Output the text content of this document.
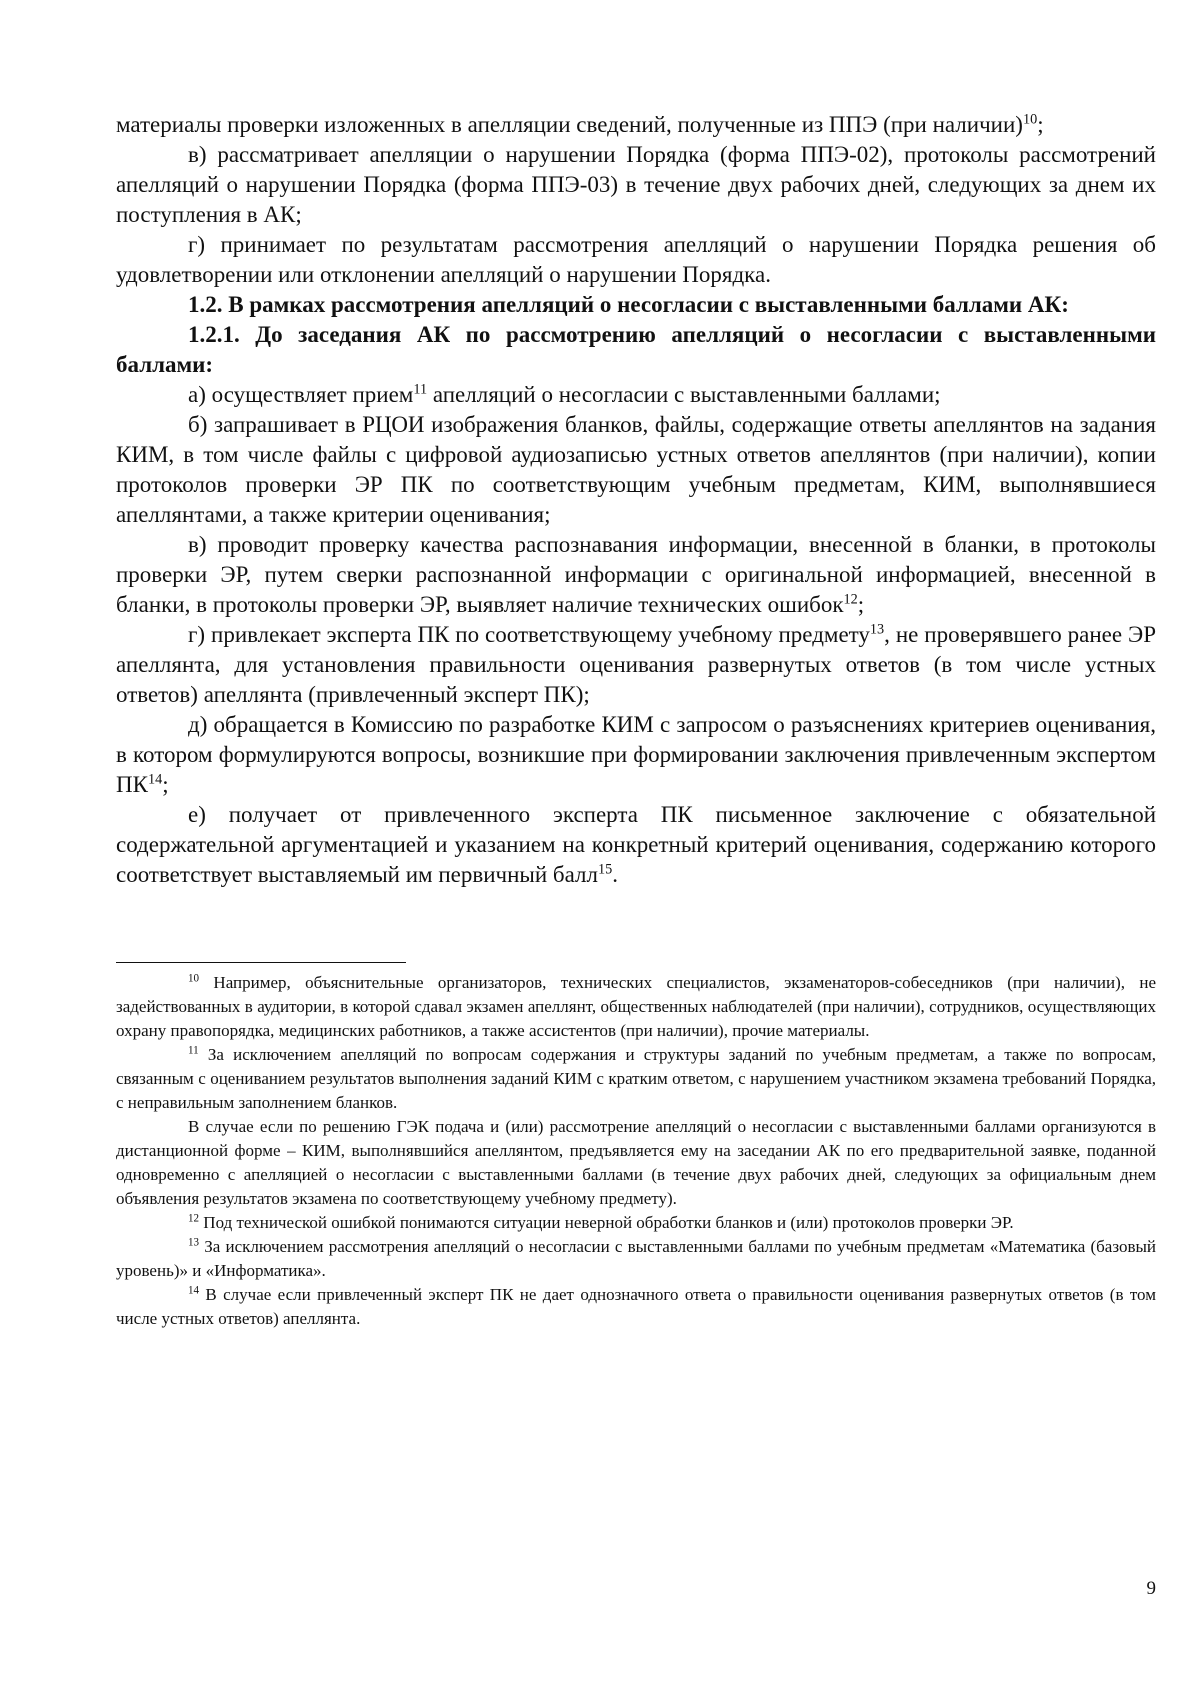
материалы проверки изложенных в апелляции сведений, полученные из ППЭ (при наличии)$^{10}$;

в) рассматривает апелляции о нарушении Порядка (форма ППЭ-02), протоколы рассмотрений апелляций о нарушении Порядка (форма ППЭ-03) в течение двух рабочих дней, следующих за днем их поступления в АК;

г) принимает по результатам рассмотрения апелляций о нарушении Порядка решения об удовлетворении или отклонении апелляций о нарушении Порядка.

1.2. В рамках рассмотрения апелляций о несогласии с выставленными баллами АК:

1.2.1. До заседания АК по рассмотрению апелляций о несогласии с выставленными баллами:

а) осуществляет прием$^{11}$ апелляций о несогласии с выставленными баллами;

б) запрашивает в РЦОИ изображения бланков, файлы, содержащие ответы апеллянтов на задания КИМ, в том числе файлы с цифровой аудиозаписью устных ответов апеллянтов (при наличии), копии протоколов проверки ЭР ПК по соответствующим учебным предметам, КИМ, выполнявшиеся апеллянтами, а также критерии оценивания;

в) проводит проверку качества распознавания информации, внесенной в бланки, в протоколы проверки ЭР, путем сверки распознанной информации с оригинальной информацией, внесенной в бланки, в протоколы проверки ЭР, выявляет наличие технических ошибок$^{12}$;

г) привлекает эксперта ПК по соответствующему учебному предмету$^{13}$, не проверявшего ранее ЭР апеллянта, для установления правильности оценивания развернутых ответов (в том числе устных ответов) апеллянта (привлеченный эксперт ПК);

д) обращается в Комиссию по разработке КИМ с запросом о разъяснениях критериев оценивания, в котором формулируются вопросы, возникшие при формировании заключения привлеченным экспертом ПК$^{14}$;

е) получает от привлеченного эксперта ПК письменное заключение с обязательной содержательной аргументацией и указанием на конкретный критерий оценивания, содержанию которого соответствует выставляемый им первичный балл$^{15}$.

$^{10}$ Например, объяснительные организаторов, технических специалистов, экзаменаторов-собеседников (при наличии), не задействованных в аудитории, в которой сдавал экзамен апеллянт, общественных наблюдателей (при наличии), сотрудников, осуществляющих охрану правопорядка, медицинских работников, а также ассистентов (при наличии), прочие материалы.

$^{11}$ За исключением апелляций по вопросам содержания и структуры заданий по учебным предметам, а также по вопросам, связанным с оцениванием результатов выполнения заданий КИМ с кратким ответом, с нарушением участником экзамена требований Порядка, с неправильным заполнением бланков.

В случае если по решению ГЭК подача и (или) рассмотрение апелляций о несогласии с выставленными баллами организуются в дистанционной форме – КИМ, выполнявшийся апеллянтом, предъявляется ему на заседании АК по его предварительной заявке, поданной одновременно с апелляцией о несогласии с выставленными баллами (в течение двух рабочих дней, следующих за официальным днем объявления результатов экзамена по соответствующему учебному предмету).

$^{12}$ Под технической ошибкой понимаются ситуации неверной обработки бланков и (или) протоколов проверки ЭР.

$^{13}$ За исключением рассмотрения апелляций о несогласии с выставленными баллами по учебным предметам «Математика (базовый уровень)» и «Информатика».

$^{14}$ В случае если привлеченный эксперт ПК не дает однозначного ответа о правильности оценивания развернутых ответов (в том числе устных ответов) апеллянта.

9
